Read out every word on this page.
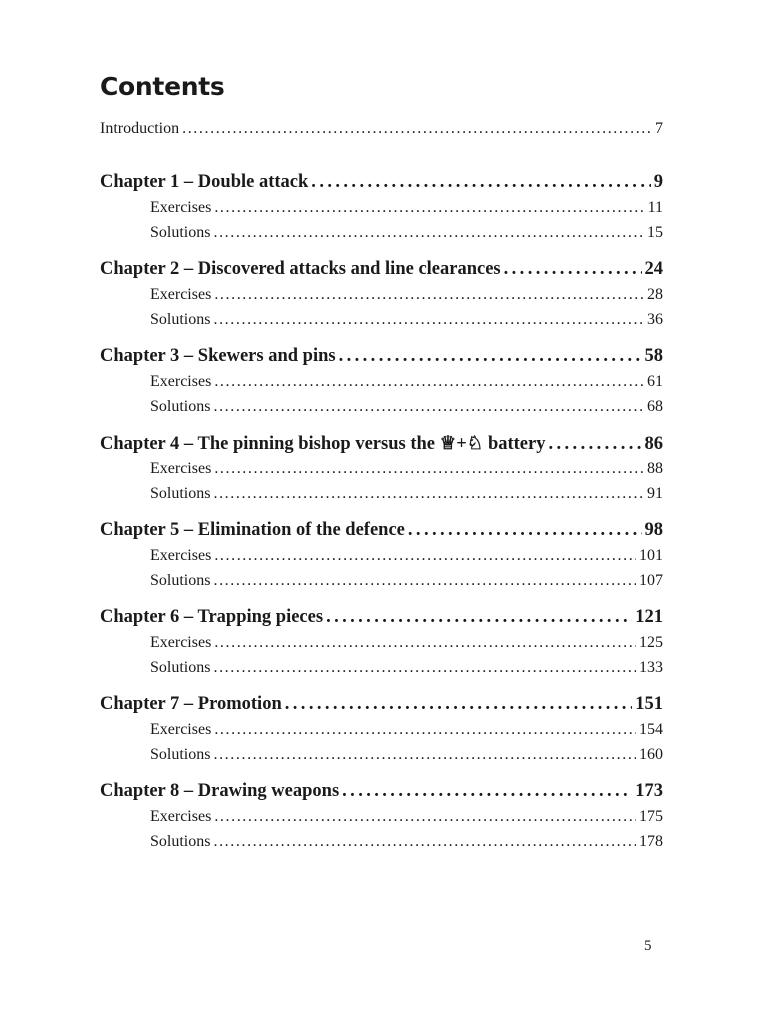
Contents
Introduction .....	7
Chapter 1 – Double attack .....	9
Exercises .....	11
Solutions .....	15
Chapter 2 – Discovered attacks and line clearances .....	24
Exercises .....	28
Solutions .....	36
Chapter 3 – Skewers and pins .....	58
Exercises .....	61
Solutions .....	68
Chapter 4 – The pinning bishop versus the ♕+♘ battery .....	86
Exercises .....	88
Solutions .....	91
Chapter 5 – Elimination of the defence .....	98
Exercises .....	101
Solutions .....	107
Chapter 6 – Trapping pieces .....	121
Exercises .....	125
Solutions .....	133
Chapter 7 – Promotion .....	151
Exercises .....	154
Solutions .....	160
Chapter 8 – Drawing weapons .....	173
Exercises .....	175
Solutions .....	178
5
